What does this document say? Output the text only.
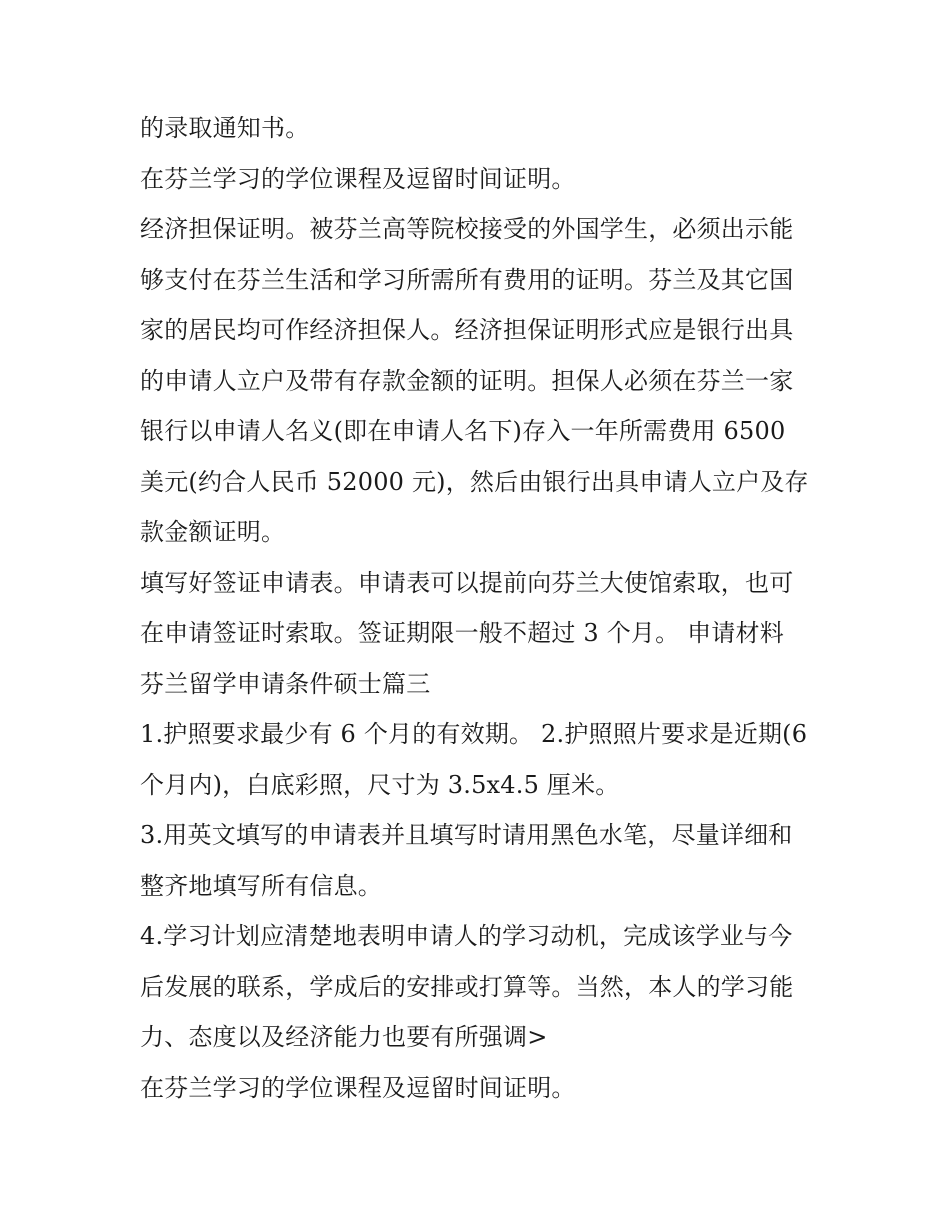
的录取通知书。
在芬兰学习的学位课程及逗留时间证明。
经济担保证明。被芬兰高等院校接受的外国学生，必须出示能
够支付在芬兰生活和学习所需所有费用的证明。芬兰及其它国
家的居民均可作经济担保人。经济担保证明形式应是银行出具
的申请人立户及带有存款金额的证明。担保人必须在芬兰一家
银行以申请人名义(即在申请人名下)存入一年所需费用 6500
美元(约合人民币 52000 元)，然后由银行出具申请人立户及存
款金额证明。
填写好签证申请表。申请表可以提前向芬兰大使馆索取，也可
在申请签证时索取。签证期限一般不超过 3 个月。 申请材料
芬兰留学申请条件硕士篇三
1.护照要求最少有 6 个月的有效期。 2.护照照片要求是近期(6
个月内)，白底彩照，尺寸为 3.5x4.5 厘米。
3.用英文填写的申请表并且填写时请用黑色水笔，尽量详细和
整齐地填写所有信息。
4.学习计划应清楚地表明申请人的学习动机，完成该学业与今
后发展的联系，学成后的安排或打算等。当然，本人的学习能
力、态度以及经济能力也要有所强调>
在芬兰学习的学位课程及逗留时间证明。
